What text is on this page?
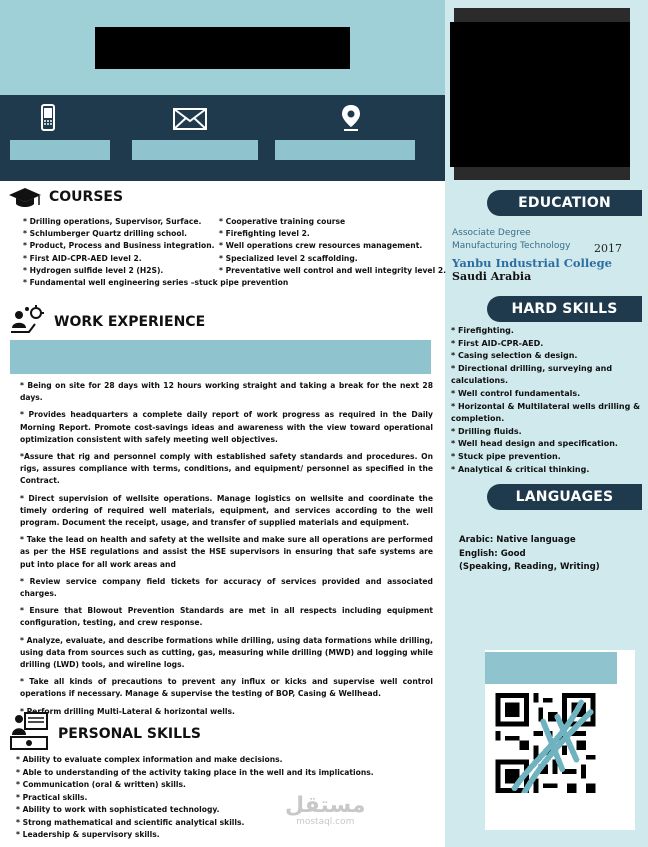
EDUCATION
Associate Degree
Manufacturing Technology	2017
Yanbu Industrial College
Saudi Arabia
HARD SKILLS
* Firefighting.
* First AID-CPR-AED.
* Casing selection & design.
* Directional drilling, surveying and
calculations.
* Well control fundamentals.
* Horizontal & Multilateral wells drilling &
completion.
* Drilling fluids.
* Well head design and specification.
* Stuck pipe prevention.
* Analytical & critical thinking.
LANGUAGES
Arabic: Native language
English: Good
(Speaking, Reading, Writing)
COURSES
* Drilling operations, Supervisor, Surface.
* Schlumberger Quartz drilling school.
* Product, Process and Business integration.
* First AID-CPR-AED level 2.
* Hydrogen sulfide level 2 (H2S).
* Cooperative training course
* Firefighting level 2.
* Well operations crew resources management.
* Specialized level 2 scaffolding.
* Preventative well control and well integrity level 2.
* Fundamental well engineering series –stuck pipe prevention
WORK EXPERIENCE

* Being on site for 28 days with 12 hours working straight and taking a break for the next 28 days.

* Provides headquarters a complete daily report of work progress as required in the Daily Morning Report. Promote cost-savings ideas and awareness with the view toward operational optimization consistent with safely meeting well objectives.

*Assure that rig and personnel comply with established safety standards and procedures. On rigs, assures compliance with terms, conditions, and equipment/ personnel as specified in the Contract.

* Direct supervision of wellsite operations. Manage logistics on wellsite and coordinate the timely ordering of required well materials, equipment, and services according to the well program. Document the receipt, usage, and transfer of supplied materials and equipment.

* Take the lead on health and safety at the wellsite and make sure all operations are performed as per the HSE regulations and assist the HSE supervisors in ensuring that safe systems are put into place for all work areas and

* Review service company field tickets for accuracy of services provided and associated charges.

* Ensure that Blowout Prevention Standards are met in all respects including equipment configuration, testing, and crew response.

* Analyze, evaluate, and describe formations while drilling, using data formations while drilling, using data from sources such as cutting, gas, measuring while drilling (MWD) and logging while drilling (LWD) tools, and wireline logs.

* Take all kinds of precautions to prevent any influx or kicks and supervise well control operations if necessary. Manage & supervise the testing of BOP, Casing & Wellhead.

* Perform drilling Multi-Lateral & horizontal wells.

PERSONAL SKILLS
* Ability to evaluate complex information and make decisions.
* Able to understanding of the activity taking place in the well and its implications.
* Communication (oral & written) skills.
* Practical skills.
* Ability to work with sophisticated technology.
* Strong mathematical and scientific analytical skills.
* Leadership & supervisory skills.
مستقل
mostaql.com
